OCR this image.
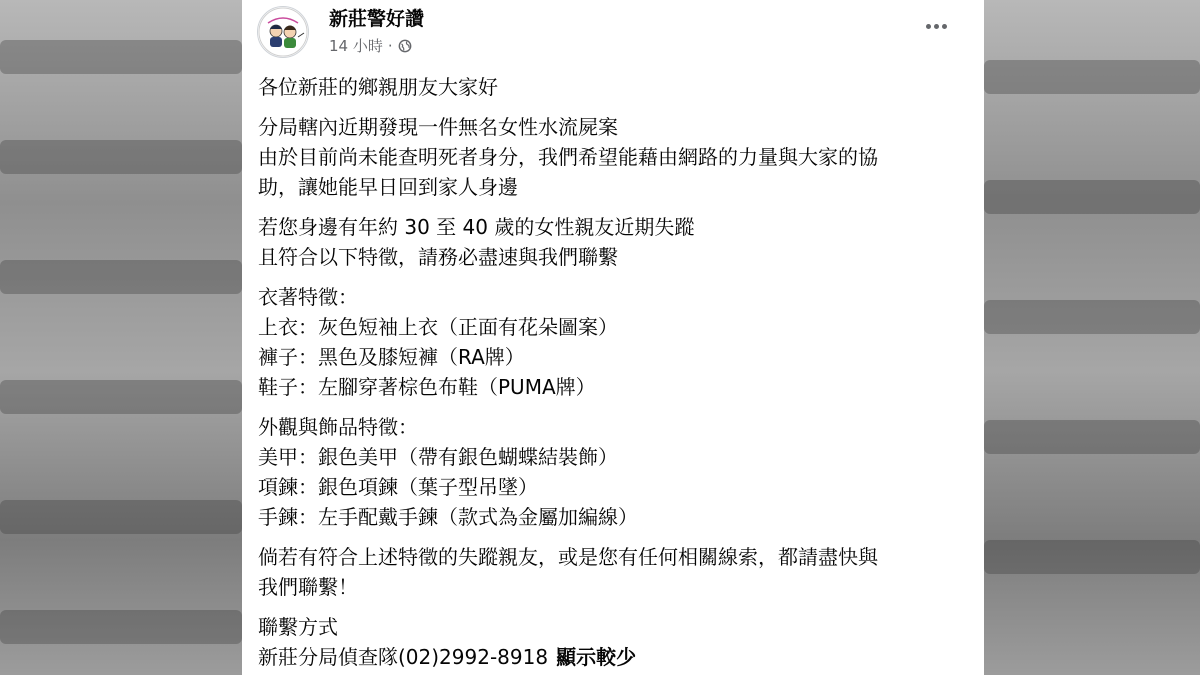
新莊警好讚
14 小時 ·
各位新莊的鄉親朋友大家好
分局轄內近期發現一件無名女性水流屍案
由於目前尚未能查明死者身分，我們希望能藉由網路的力量與大家的協
助，讓她能早日回到家人身邊
若您身邊有年約 30 至 40 歲的女性親友近期失蹤
且符合以下特徵，請務必盡速與我們聯繫
衣著特徵：
上衣：灰色短袖上衣（正面有花朵圖案）
褲子：黑色及膝短褲（RA牌）
鞋子：左腳穿著棕色布鞋（PUMA牌）
外觀與飾品特徵：
美甲：銀色美甲（帶有銀色蝴蝶結裝飾）
項鍊：銀色項鍊（葉子型吊墜）
手鍊：左手配戴手鍊（款式為金屬加編線）
倘若有符合上述特徵的失蹤親友，或是您有任何相關線索，都請盡快與
我們聯繫！
聯繫方式
新莊分局偵查隊(02)2992-8918 顯示較少
